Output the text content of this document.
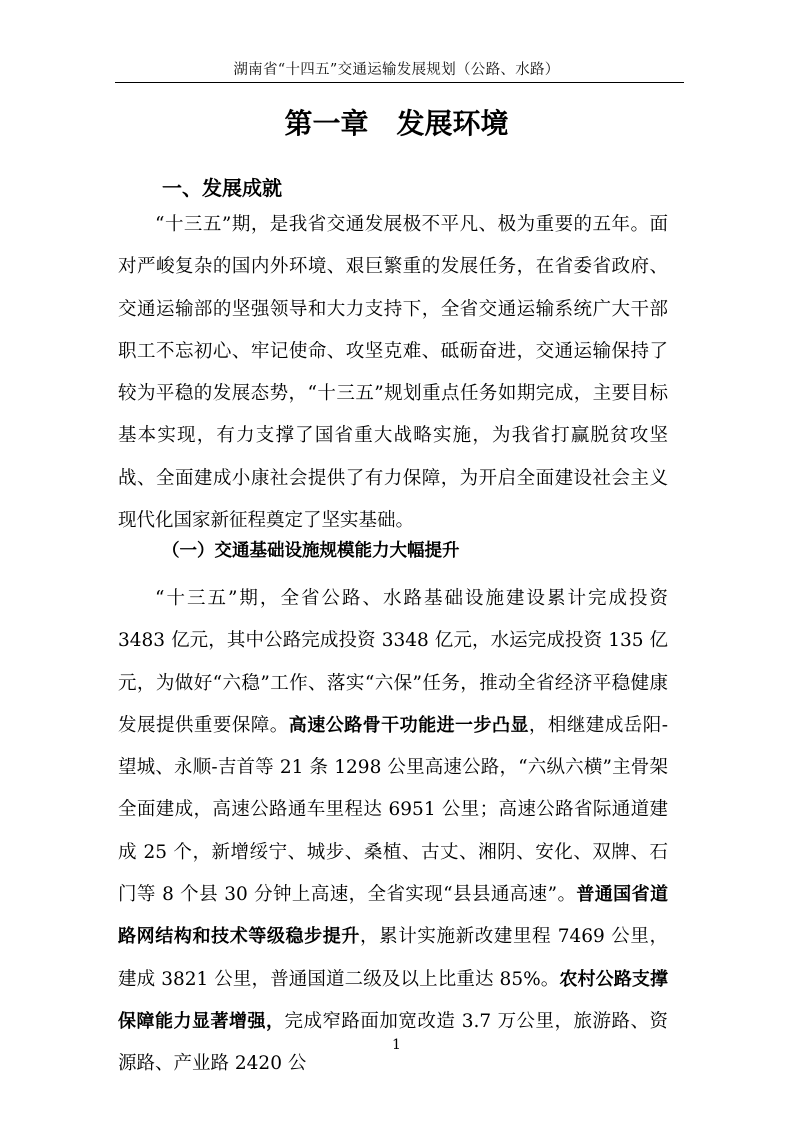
湖南省“十四五”交通运输发展规划（公路、水路）
第一章　发展环境
一、发展成就
“十三五”期，是我省交通发展极不平凡、极为重要的五年。面对严峻复杂的国内外环境、艰巨繁重的发展任务，在省委省政府、交通运输部的坚强领导和大力支持下，全省交通运输系统广大干部职工不忘初心、牢记使命、攻坚克难、砥砺奋进，交通运输保持了较为平稳的发展态势，“十三五”规划重点任务如期完成，主要目标基本实现，有力支撑了国省重大战略实施，为我省打赢脱贫攻坚战、全面建成小康社会提供了有力保障，为开启全面建设社会主义现代化国家新征程奠定了坚实基础。
（一）交通基础设施规模能力大幅提升
“十三五”期，全省公路、水路基础设施建设累计完成投资 3483 亿元，其中公路完成投资 3348 亿元，水运完成投资 135 亿元，为做好“六稳”工作、落实“六保”任务，推动全省经济平稳健康发展提供重要保障。高速公路骨干功能进一步凸显，相继建成岳阳-望城、永顺-吉首等 21 条 1298 公里高速公路，“六纵六横”主骨架全面建成，高速公路通车里程达 6951 公里；高速公路省际通道建成 25 个，新增绥宁、城步、桑植、古丈、湘阴、安化、双牌、石门等 8 个县 30 分钟上高速，全省实现“县县通高速”。普通国省道路网结构和技术等级稳步提升，累计实施新改建里程 7469 公里，建成 3821 公里，普通国道二级及以上比重达 85%。农村公路支撑保障能力显著增强，完成窄路面加宽改造 3.7 万公里，旅游路、资源路、产业路 2420 公
1
